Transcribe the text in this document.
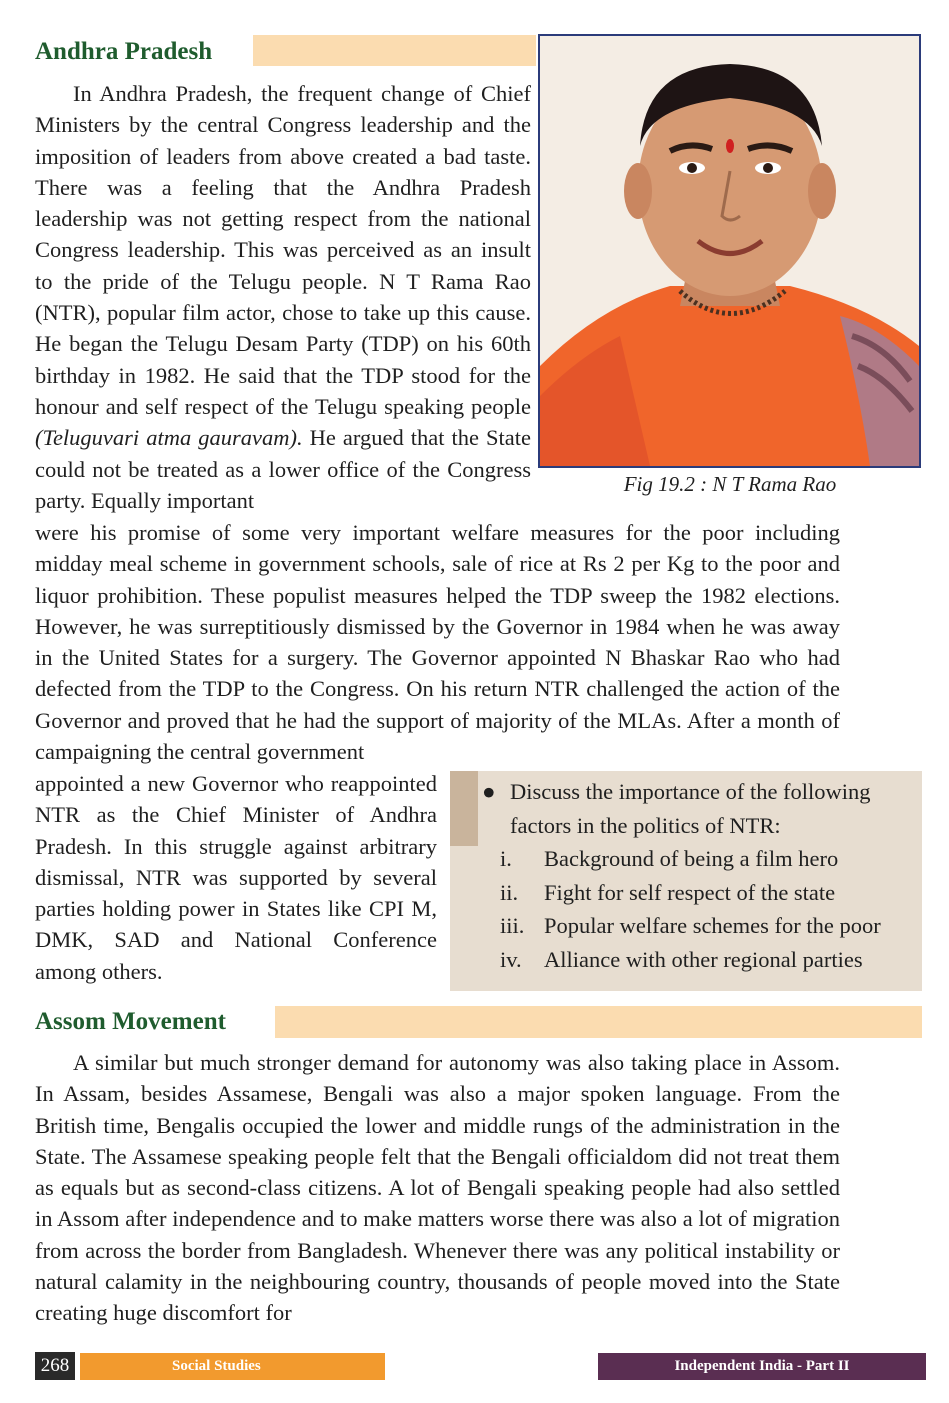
Andhra Pradesh

In Andhra Pradesh, the frequent change of Chief Ministers by the central Congress leadership and the imposition of leaders from above created a bad taste. There was a feeling that the Andhra Pradesh leadership was not getting respect from the national Congress leadership. This was perceived as an insult to the pride of the Telugu people. N T Rama Rao (NTR), popular film actor, chose to take up this cause. He began the Telugu Desam Party (TDP) on his 60th birthday in 1982. He said that the TDP stood for the honour and self respect of the Telugu speaking people (Teluguvari atma gauravam). He argued that the State could not be treated as a lower office of the Congress party. Equally important

Fig 19.2 : N T Rama Rao

were his promise of some very important welfare measures for the poor including midday meal scheme in government schools, sale of rice at Rs 2 per Kg to the poor and liquor prohibition. These populist measures helped the TDP sweep the 1982 elections. However, he was surreptitiously dismissed by the Governor in 1984 when he was away in the United States for a surgery. The Governor appointed N Bhaskar Rao who had defected from the TDP to the Congress. On his return NTR challenged the action of the Governor and proved that he had the support of majority of the MLAs. After a month of campaigning the central government

appointed a new Governor who reappointed NTR as the Chief Minister of Andhra Pradesh. In this struggle against arbitrary dismissal, NTR was supported by several parties holding power in States like CPI M, DMK, SAD and National Conference among others.

● Discuss the importance of the following factors in the politics of NTR:
i. Background of being a film hero
ii. Fight for self respect of the state
iii. Popular welfare schemes for the poor
iv. Alliance with other regional parties
Assom Movement

A similar but much stronger demand for autonomy was also taking place in Assom. In Assam, besides Assamese, Bengali was also a major spoken language. From the British time, Bengalis occupied the lower and middle rungs of the administration in the State. The Assamese speaking people felt that the Bengali officialdom did not treat them as equals but as second-class citizens. A lot of Bengali speaking people had also settled in Assom after independence and to make matters worse there was also a lot of migration from across the border from Bangladesh. Whenever there was any political instability or natural calamity in the neighbouring country, thousands of people moved into the State creating huge discomfort for

268	Social Studies	Independent India - Part II
